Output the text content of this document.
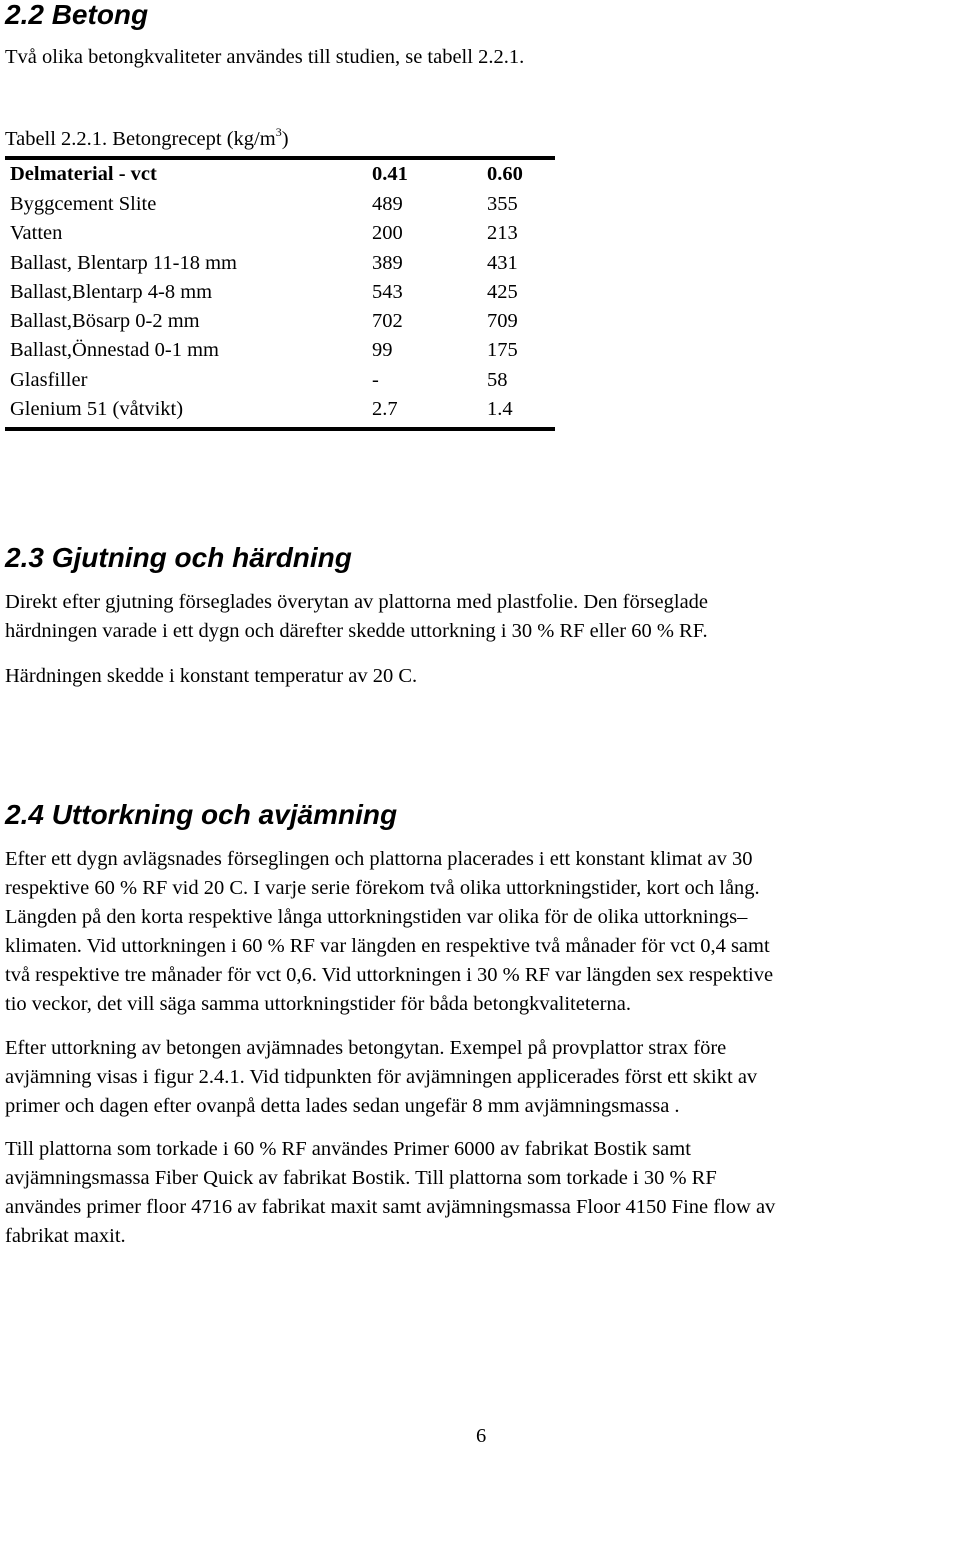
2.2 Betong
Två olika betongkvaliteter användes till studien, se tabell 2.2.1.
Tabell 2.2.1. Betongrecept $(kg/m^3)$
Delmaterial - vct	0.41	0.60
Byggcement Slite	489	355
Vatten	200	213
Ballast, Blentarp 11-18 mm	389	431
Ballast,Blentarp 4-8 mm	543	425
Ballast,Bösarp 0-2 mm	702	709
Ballast,Önnestad 0-1 mm	99	175
Glasfiller	-	58
Glenium 51 (våtvikt)	2.7	1.4
2.3 Gjutning och härdning
Direkt efter gjutning förseglades överytan av plattorna med plastfolie. Den förseglade
härdningen varade i ett dygn och därefter skedde uttorkning i 30 % RF eller 60 % RF.
Härdningen skedde i konstant temperatur av 20 C.
2.4 Uttorkning och avjämning
Efter ett dygn avlägsnades förseglingen och plattorna placerades i ett konstant klimat av 30
respektive 60 % RF vid 20 C. I varje serie förekom två olika uttorkningstider, kort och lång.
Längden på den korta respektive långa uttorkningstiden var olika för de olika uttorknings–
klimaten. Vid uttorkningen i 60 % RF var längden en respektive två månader för vct 0,4 samt
två respektive tre månader för vct 0,6. Vid uttorkningen i 30 % RF var längden sex respektive
tio veckor, det vill säga samma uttorkningstider för båda betongkvaliteterna.
Efter uttorkning av betongen avjämnades betongytan. Exempel på provplattor strax före
avjämning visas i figur 2.4.1. Vid tidpunkten för avjämningen applicerades först ett skikt av
primer och dagen efter ovanpå detta lades sedan ungefär 8 mm avjämningsmassa .
Till plattorna som torkade i 60 % RF användes Primer 6000 av fabrikat Bostik samt
avjämningsmassa Fiber Quick av fabrikat Bostik. Till plattorna som torkade i 30 % RF
användes primer floor 4716 av fabrikat maxit samt avjämningsmassa Floor 4150 Fine flow av
fabrikat maxit.
6
